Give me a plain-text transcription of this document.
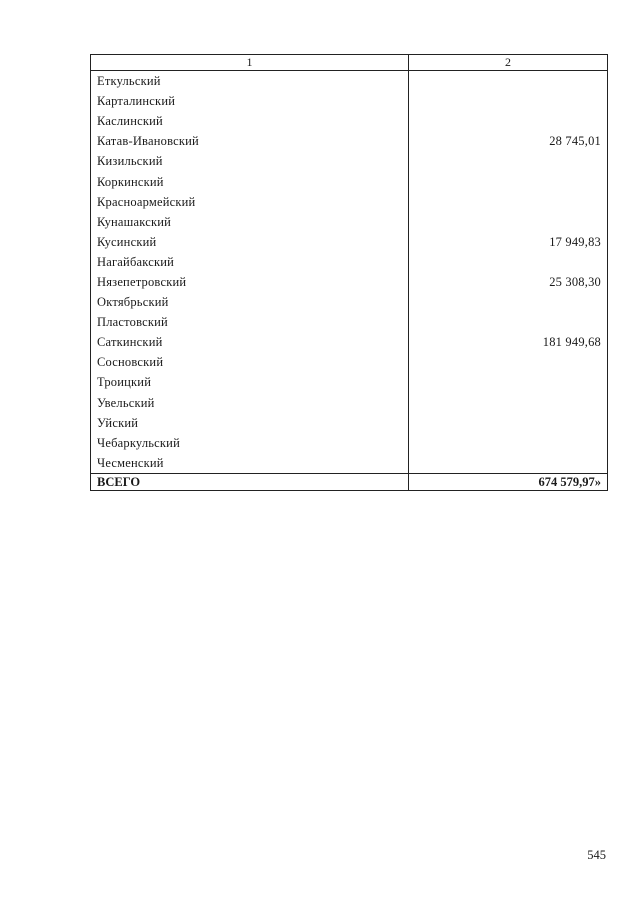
1	2
Еткульский	
Карталинский	
Каслинский	
Катав-Ивановский	28 745,01
Кизильский	
Коркинский	
Красноармейский	
Кунашакский	
Кусинский	17 949,83
Нагайбакский	
Нязепетровский	25 308,30
Октябрьский	
Пластовский	
Саткинский	181 949,68
Сосновский	
Троицкий	
Увельский	
Уйский	
Чебаркульский	
Чесменский	
ВСЕГО	674 579,97»
545
